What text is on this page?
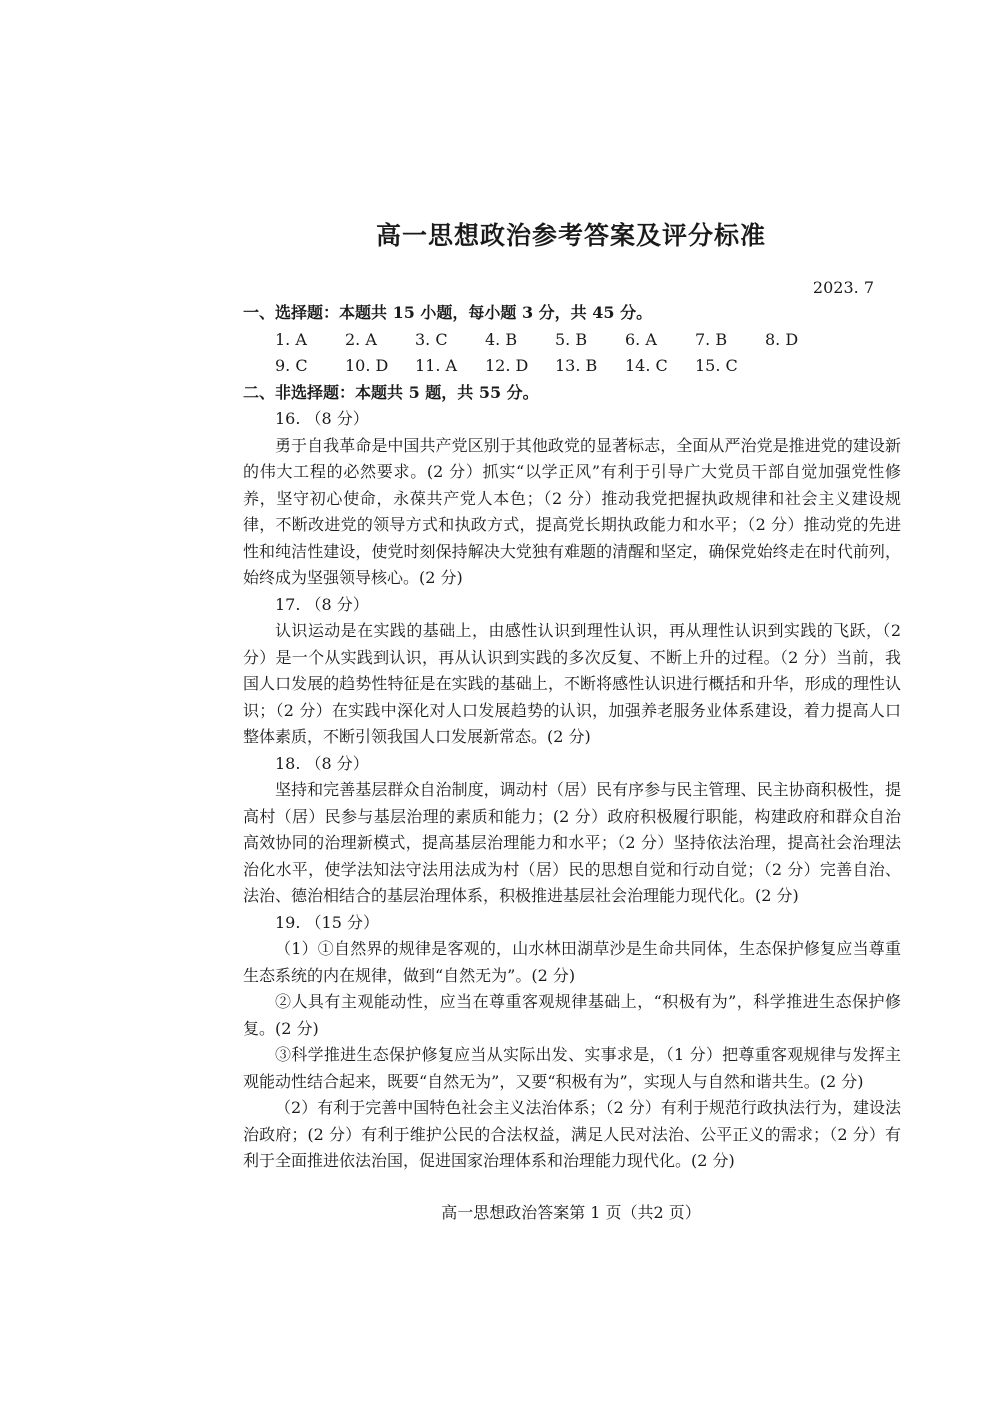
高一思想政治参考答案及评分标准
2023. 7

一、选择题：本题共 15 小题，每小题 3 分，共 45 分。

1. A	2. A	3. C	4. B	5. B	6. A	7. B	8. D
9. C	10. D	11. A	12. D	13. B	14. C	15. C

二、非选择题：本题共 5 题，共 55 分。

16. （8 分）

勇于自我革命是中国共产党区别于其他政党的显著标志，全面从严治党是推进党的建设新的伟大工程的必然要求。(2 分）抓实“以学正风”有利于引导广大党员干部自觉加强党性修养，坚守初心使命，永葆共产党人本色；（2 分）推动我党把握执政规律和社会主义建设规律，不断改进党的领导方式和执政方式，提高党长期执政能力和水平；（2 分）推动党的先进性和纯洁性建设，使党时刻保持解决大党独有难题的清醒和坚定，确保党始终走在时代前列，始终成为坚强领导核心。(2 分)

17. （8 分）

认识运动是在实践的基础上，由感性认识到理性认识，再从理性认识到实践的飞跃，（2 分）是一个从实践到认识，再从认识到实践的多次反复、不断上升的过程。（2 分）当前，我国人口发展的趋势性特征是在实践的基础上，不断将感性认识进行概括和升华，形成的理性认识；（2 分）在实践中深化对人口发展趋势的认识，加强养老服务业体系建设，着力提高人口整体素质，不断引领我国人口发展新常态。(2 分)

18. （8 分）

坚持和完善基层群众自治制度，调动村（居）民有序参与民主管理、民主协商积极性，提高村（居）民参与基层治理的素质和能力；(2 分）政府积极履行职能，构建政府和群众自治高效协同的治理新模式，提高基层治理能力和水平；（2 分）坚持依法治理，提高社会治理法治化水平，使学法知法守法用法成为村（居）民的思想自觉和行动自觉；（2 分）完善自治、法治、德治相结合的基层治理体系，积极推进基层社会治理能力现代化。(2 分)

19. （15 分）

（1）①自然界的规律是客观的，山水林田湖草沙是生命共同体，生态保护修复应当尊重生态系统的内在规律，做到“自然无为”。(2 分)

②人具有主观能动性，应当在尊重客观规律基础上，“积极有为”，科学推进生态保护修复。(2 分)

③科学推进生态保护修复应当从实际出发、实事求是，（1 分）把尊重客观规律与发挥主观能动性结合起来，既要“自然无为”，又要“积极有为”，实现人与自然和谐共生。(2 分)

（2）有利于完善中国特色社会主义法治体系；（2 分）有利于规范行政执法行为，建设法治政府；(2 分）有利于维护公民的合法权益，满足人民对法治、公平正义的需求；（2 分）有利于全面推进依法治国，促进国家治理体系和治理能力现代化。(2 分)

高一思想政治答案第 1 页（共2 页）
